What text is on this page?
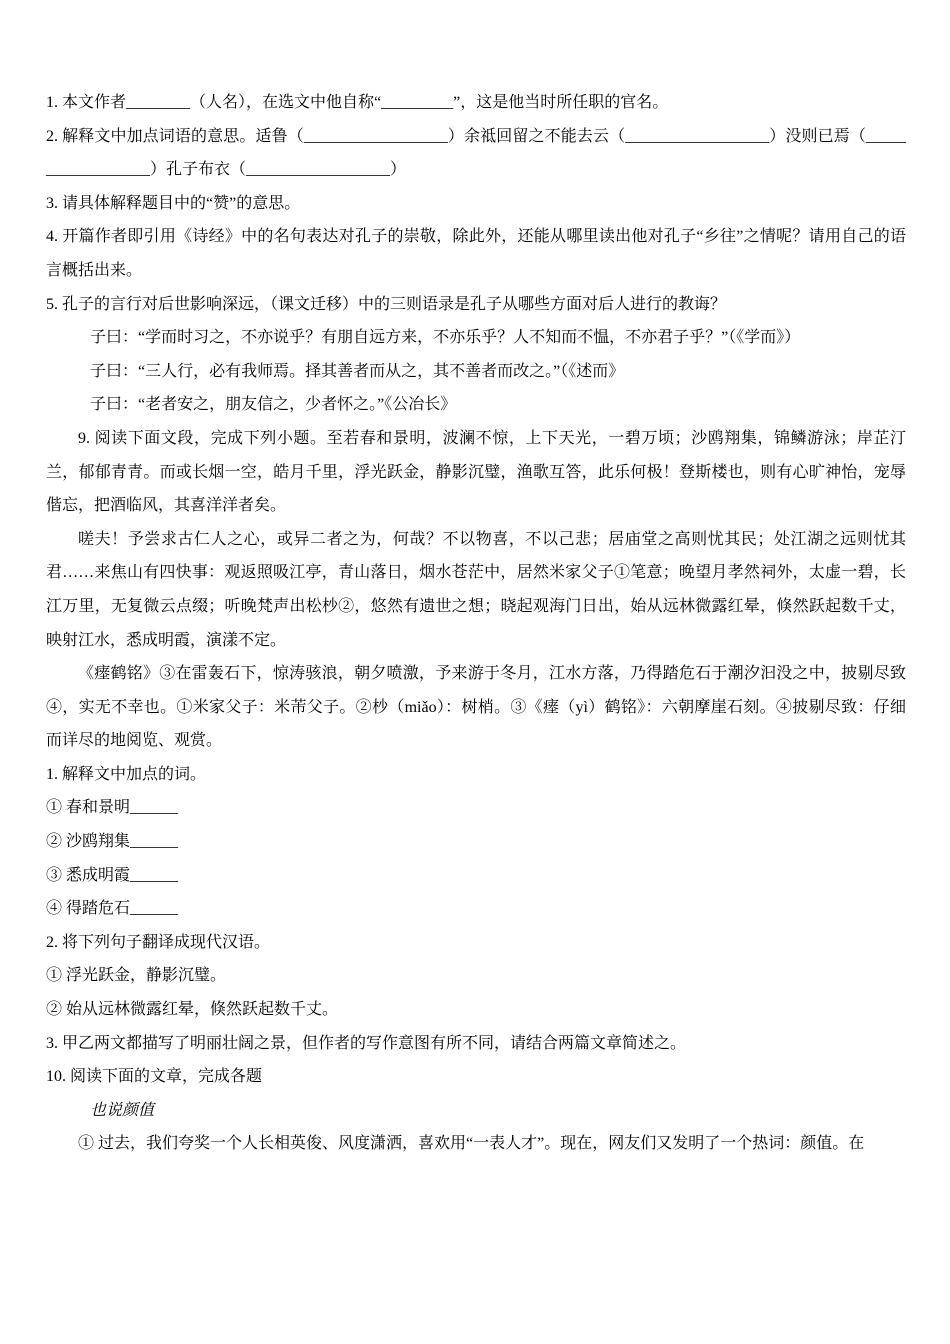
1. 本文作者________（人名），在选文中他自称“_________”，这是他当时所任职的官名。

2. 解释文中加点词语的意思。适鲁（__________________）余祗回留之不能去云（__________________）没则已焉（__________________）孔子布衣（__________________）

3. 请具体解释题目中的“赞”的意思。

4. 开篇作者即引用《诗经》中的名句表达对孔子的崇敬，除此外，还能从哪里读出他对孔子“乡往”之情呢？请用自己的语言概括出来。

5. 孔子的言行对后世影响深远，（课文迁移）中的三则语录是孔子从哪些方面对后人进行的教诲？

子曰：“学而时习之，不亦说乎？有朋自远方来，不亦乐乎？人不知而不愠，不亦君子乎？”（《学而》）

子曰：“三人行，必有我师焉。择其善者而从之，其不善者而改之。”（《述而》

子曰：“老者安之，朋友信之，少者怀之。”《公冶长》

9. 阅读下面文段，完成下列小题。至若春和景明，波澜不惊，上下天光，一碧万顷；沙鸥翔集，锦鳞游泳；岸芷汀兰，郁郁青青。而或长烟一空，皓月千里，浮光跃金，静影沉璧，渔歌互答，此乐何极！登斯楼也，则有心旷神怡，宠辱偕忘，把酒临风，其喜洋洋者矣。

嗟夫！予尝求古仁人之心，或异二者之为，何哉？不以物喜，不以己悲；居庙堂之高则忧其民；处江湖之远则忧其君……来焦山有四快事：观返照吸江亭，青山落日，烟水苍茫中，居然米家父子①笔意；晚望月孝然祠外，太虚一碧，长江万里，无复微云点缀；听晚梵声出松杪②，悠然有遗世之想；晓起观海门日出，始从远林微露红晕，倏然跃起数千丈，映射江水，悉成明霞，演漾不定。

《瘗鹤铭》③在雷轰石下，惊涛骇浪，朝夕喷激，予来游于冬月，江水方落，乃得踏危石于潮汐汩没之中，披剔尽致④，实无不幸也。①米家父子：米芾父子。②杪（miǎo）：树梢。③《瘗（yì）鹤铭》：六朝摩崖石刻。④披剔尽致：仔细而详尽的地阅览、观赏。

1. 解释文中加点的词。

① 春和景明______

② 沙鸥翔集______

③ 悉成明霞______

④ 得踏危石______

2. 将下列句子翻译成现代汉语。

① 浮光跃金，静影沉璧。

② 始从远林微露红晕，倏然跃起数千丈。

3. 甲乙两文都描写了明丽壮阔之景，但作者的写作意图有所不同，请结合两篇文章简述之。

10. 阅读下面的文章，完成各题

也说颜值

① 过去，我们夸奖一个人长相英俊、风度潇洒，喜欢用“一表人才”。现在，网友们又发明了一个热词：颜值。在
